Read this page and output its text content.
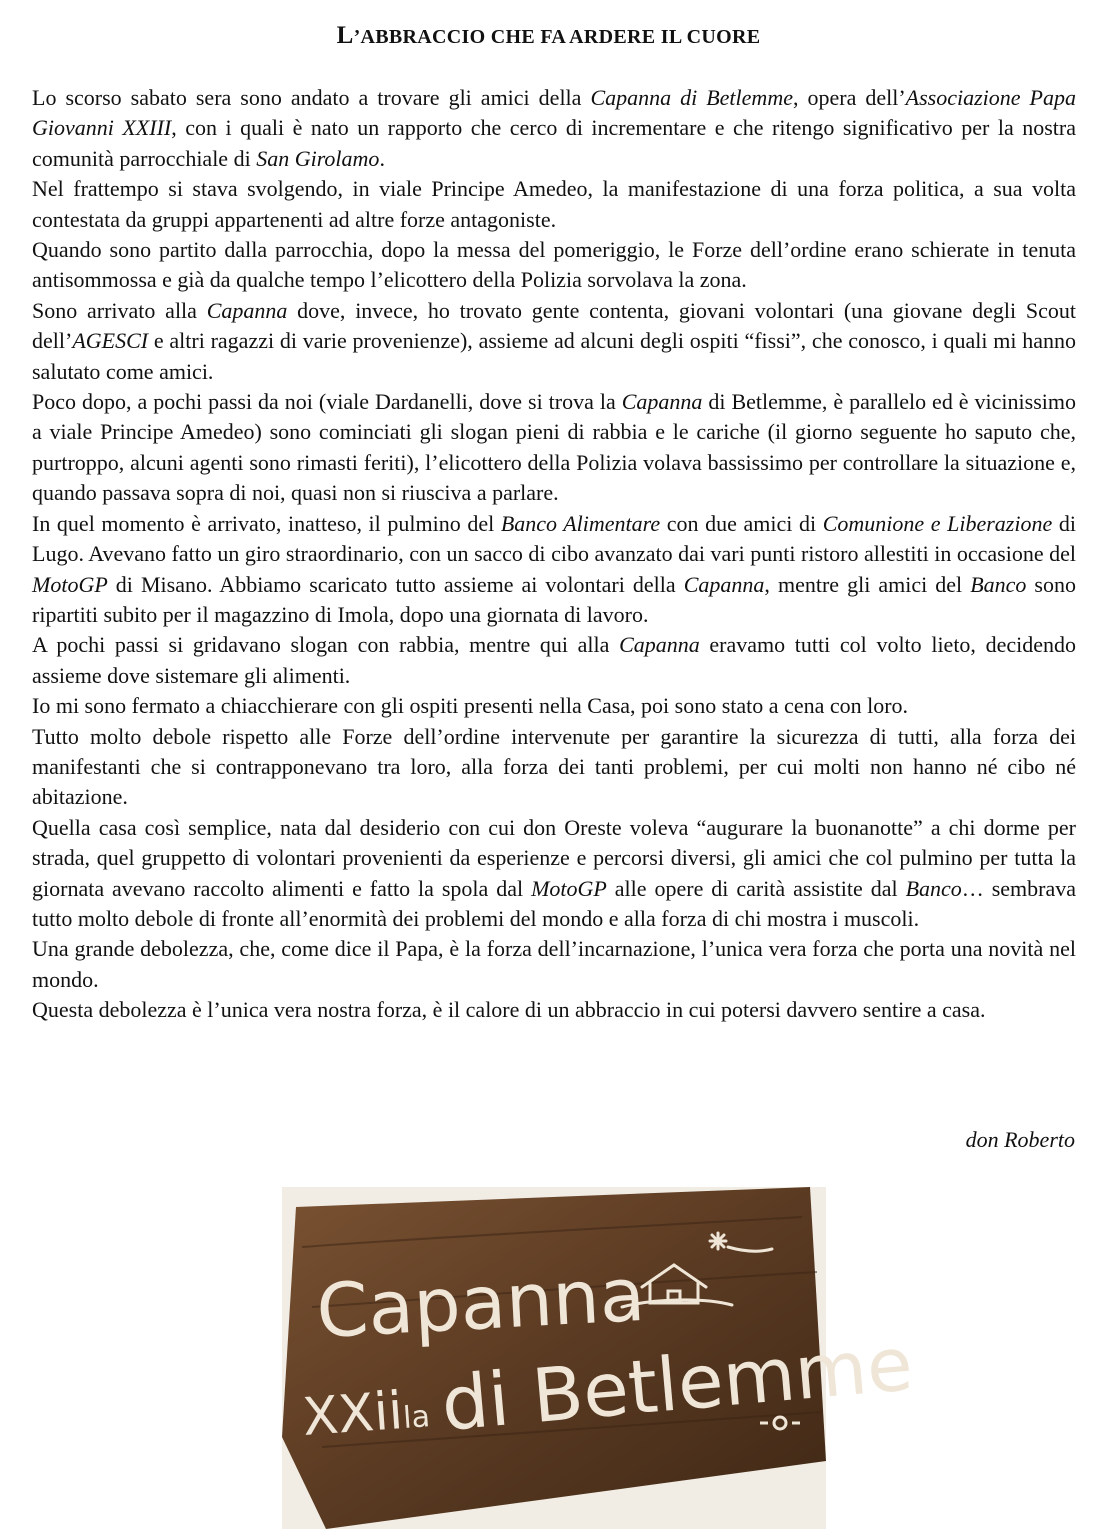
L’ABBRACCIO CHE FA ARDERE IL CUORE

Lo scorso sabato sera sono andato a trovare gli amici della Capanna di Betlemme, opera dell’Associazione Papa Giovanni XXIII, con i quali è nato un rapporto che cerco di incrementare e che ritengo significativo per la nostra comunità parrocchiale di San Girolamo.

Nel frattempo si stava svolgendo, in viale Principe Amedeo, la manifestazione di una forza politica, a sua volta contestata da gruppi appartenenti ad altre forze antagoniste.

Quando sono partito dalla parrocchia, dopo la messa del pomeriggio, le Forze dell’ordine erano schierate in tenuta antisommossa e già da qualche tempo l’elicottero della Polizia sorvolava la zona.

Sono arrivato alla Capanna dove, invece, ho trovato gente contenta, giovani volontari (una giovane degli Scout dell’AGESCI e altri ragazzi di varie provenienze), assieme ad alcuni degli ospiti “fissi”, che conosco, i quali mi hanno salutato come amici.

Poco dopo, a pochi passi da noi (viale Dardanelli, dove si trova la Capanna di Betlemme, è parallelo ed è vicinissimo a viale Principe Amedeo) sono cominciati gli slogan pieni di rabbia e le cariche (il giorno seguente ho saputo che, purtroppo, alcuni agenti sono rimasti feriti), l’elicottero della Polizia volava bassissimo per controllare la situazione e, quando passava sopra di noi, quasi non si riusciva a parlare.

In quel momento è arrivato, inatteso, il pulmino del Banco Alimentare con due amici di Comunione e Liberazione di Lugo. Avevano fatto un giro straordinario, con un sacco di cibo avanzato dai vari punti ristoro allestiti in occasione del MotoGP di Misano. Abbiamo scaricato tutto assieme ai volontari della Capanna, mentre gli amici del Banco sono ripartiti subito per il magazzino di Imola, dopo una giornata di lavoro.

A pochi passi si gridavano slogan con rabbia, mentre qui alla Capanna eravamo tutti col volto lieto, decidendo assieme dove sistemare gli alimenti.

Io mi sono fermato a chiacchierare con gli ospiti presenti nella Casa, poi sono stato a cena con loro.

Tutto molto debole rispetto alle Forze dell’ordine intervenute per garantire la sicurezza di tutti, alla forza dei manifestanti che si contrapponevano tra loro, alla forza dei tanti problemi, per cui molti non hanno né cibo né abitazione.

Quella casa così semplice, nata dal desiderio con cui don Oreste voleva “augurare la buonanotte” a chi dorme per strada, quel gruppetto di volontari provenienti da esperienze e percorsi diversi, gli amici che col pulmino per tutta la giornata avevano raccolto alimenti e fatto la spola dal MotoGP alle opere di carità assistite dal Banco… sembrava tutto molto debole di fronte all’enormità dei problemi del mondo e alla forza di chi mostra i muscoli.

Una grande debolezza, che, come dice il Papa, è la forza dell’incarnazione, l’unica vera forza che porta una novità nel mondo.

Questa debolezza è l’unica vera nostra forza, è il calore di un abbraccio in cui potersi davvero sentire a casa.

don Roberto
Capanna
XXiila di Betlemme
